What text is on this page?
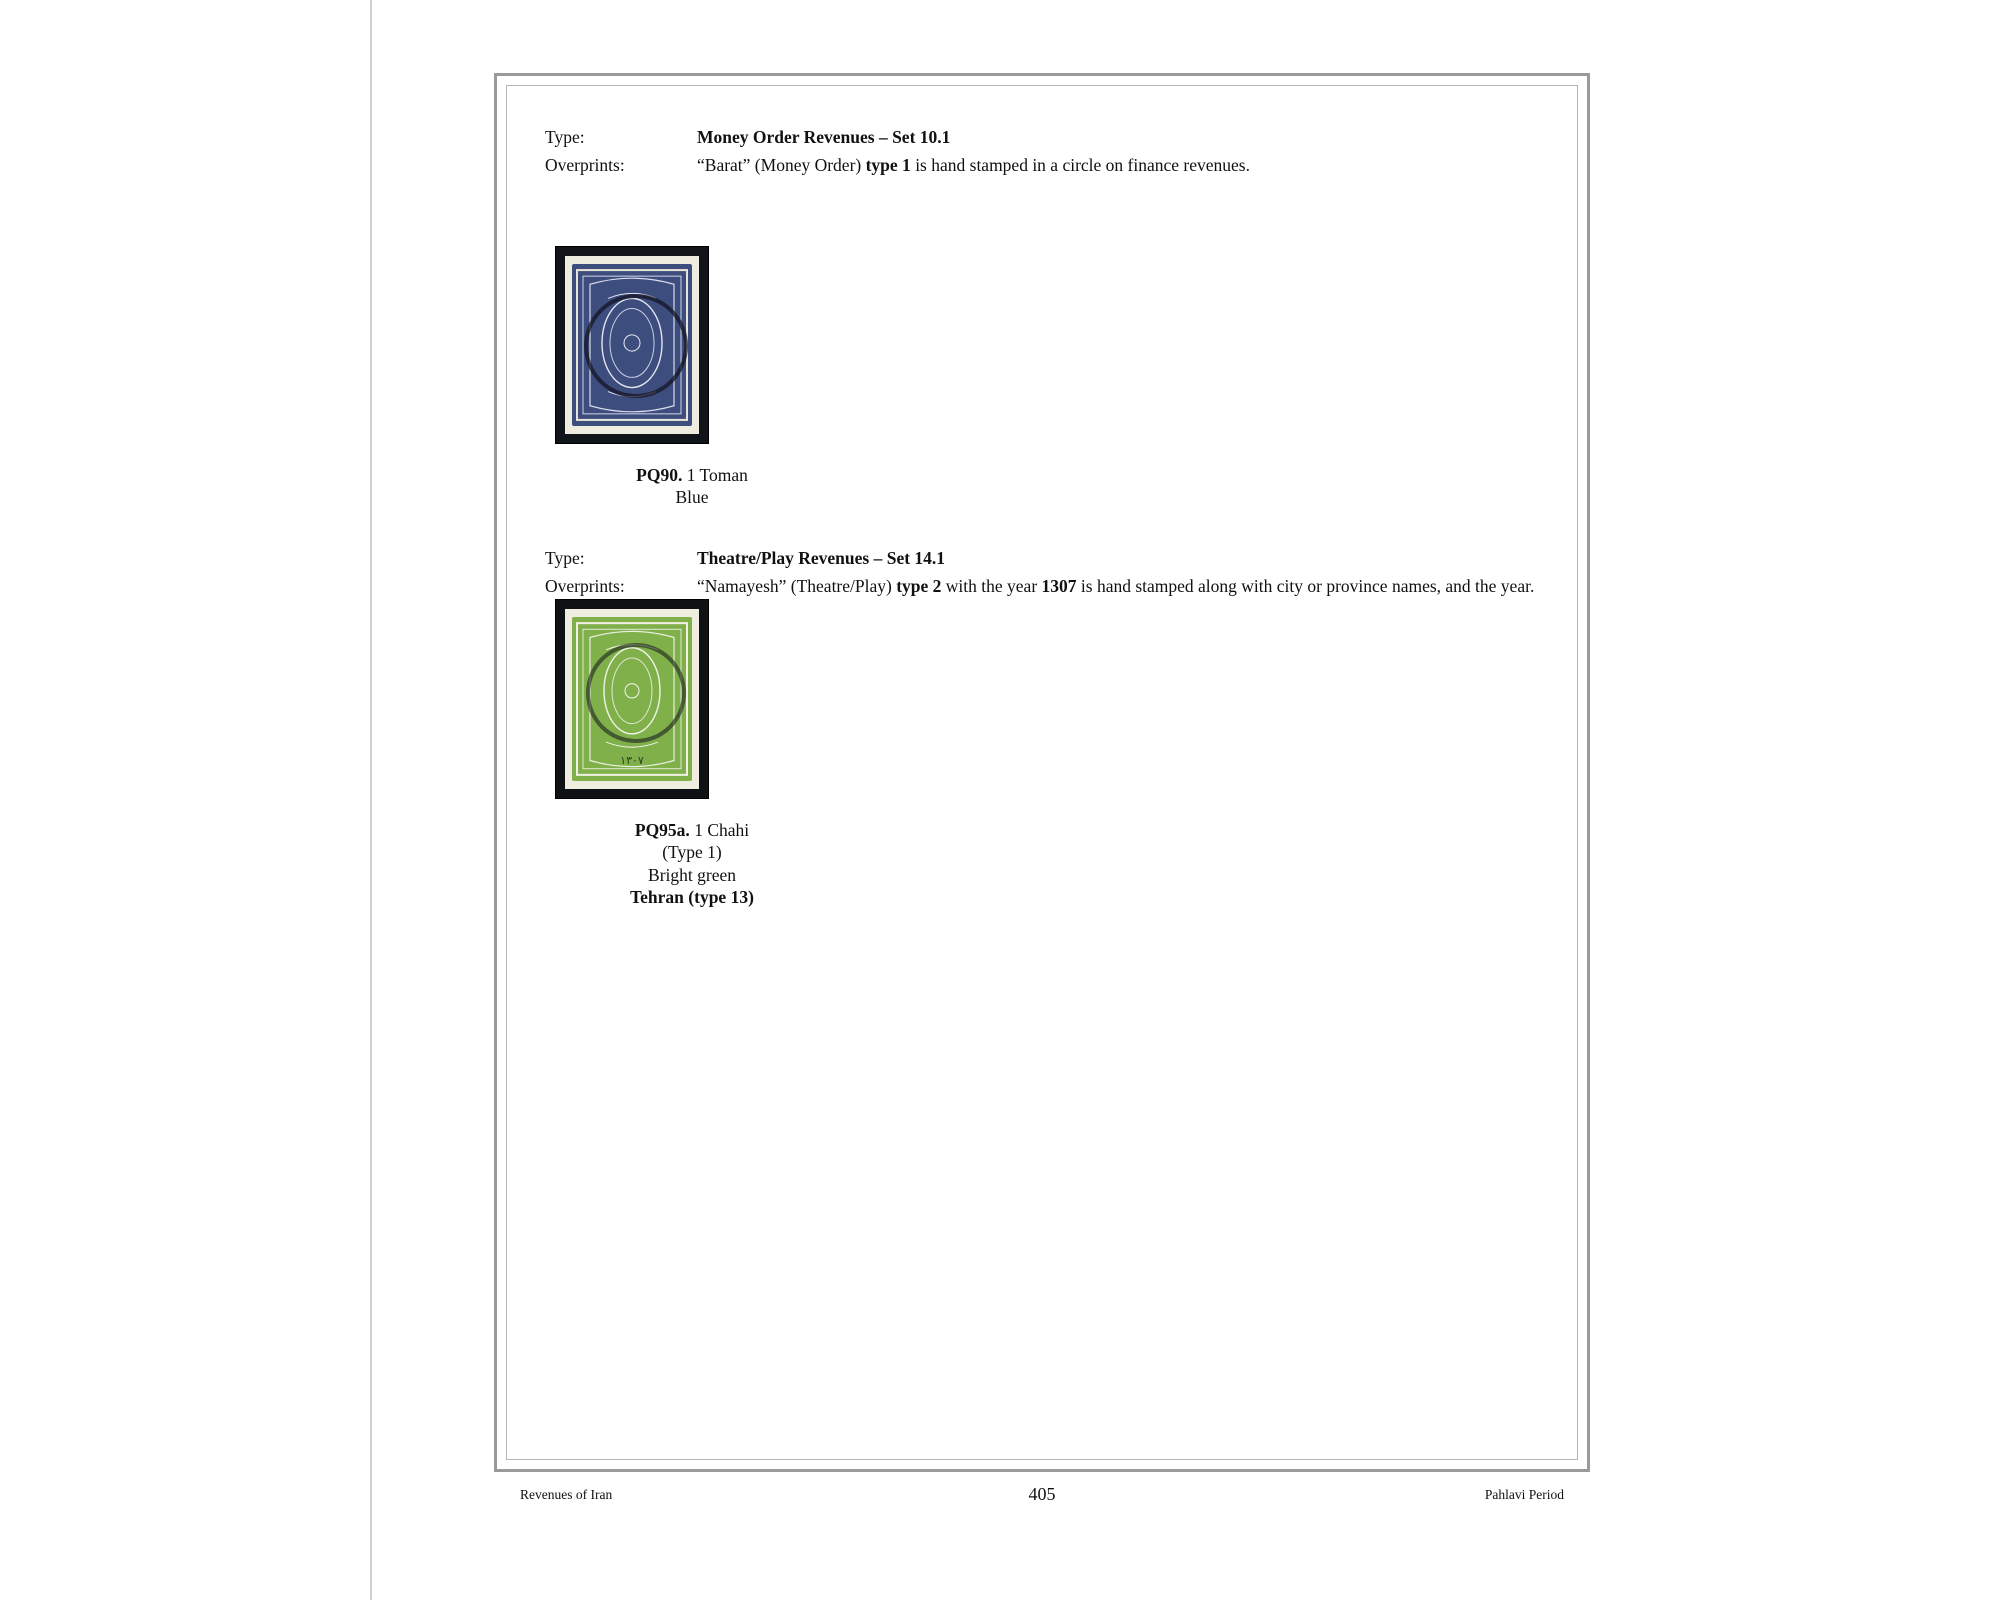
Type:	Money Order Revenues – Set 10.1
Overprints:	“Barat” (Money Order) type 1 is hand stamped in a circle on finance revenues.
PQ90. 1 Toman
Blue
Type:	Theatre/Play Revenues – Set 14.1
Overprints:	“Namayesh” (Theatre/Play) type 2 with the year 1307 is hand stamped along with city or province names, and the year.
١٣٠٧
PQ95a. 1 Chahi
(Type 1)
Bright green
Tehran (type 13)
Revenues of Iran	405	Pahlavi Period
